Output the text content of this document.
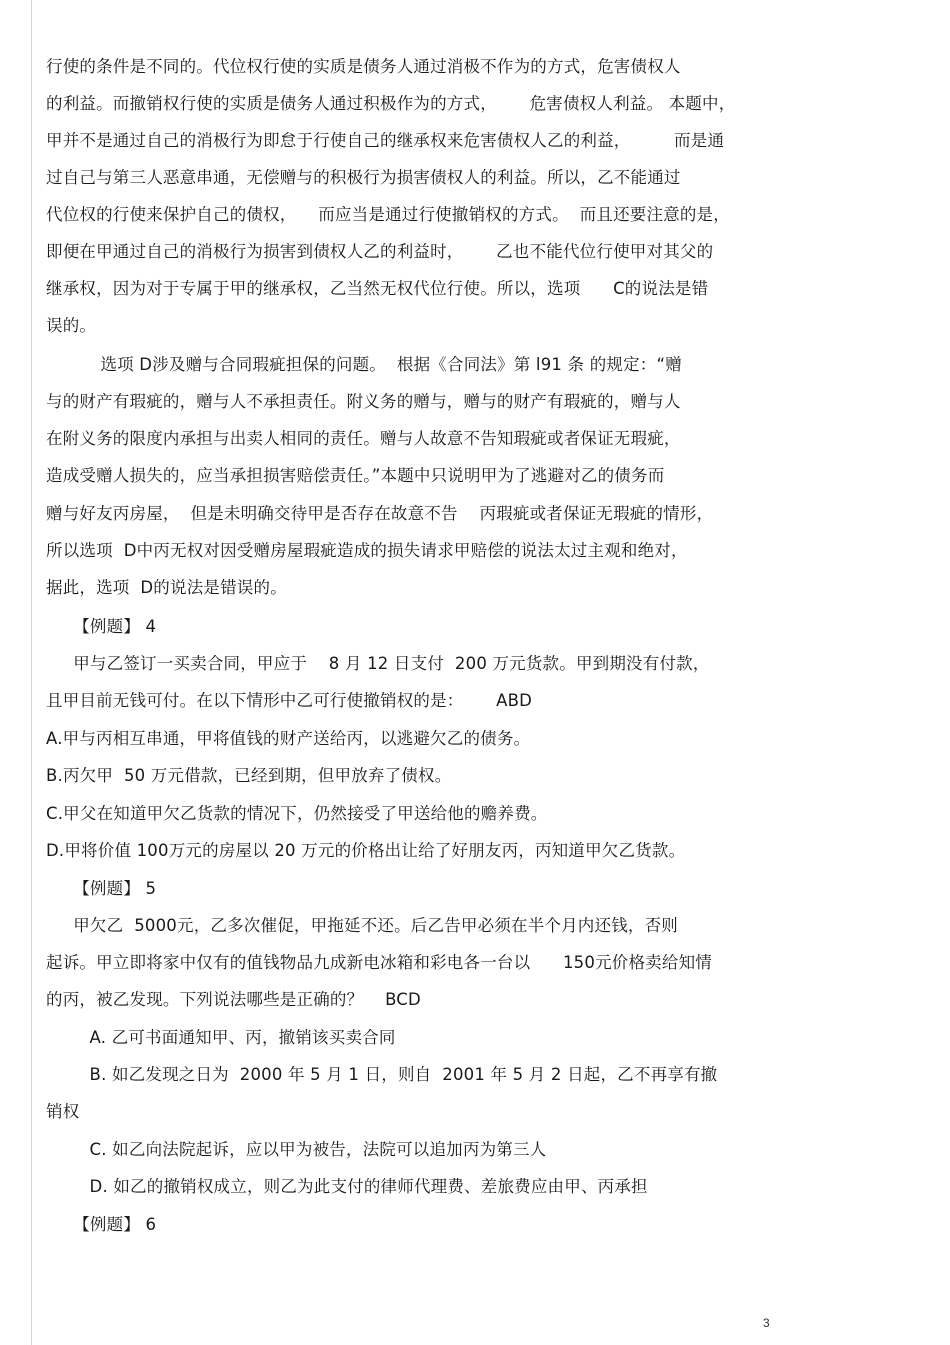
行使的条件是不同的。代位权行使的实质是债务人通过消极不作为的方式，危害债权人
的利益。而撤销权行使的实质是债务人通过积极作为的方式，      危害债权人利益。 本题中，
甲并不是通过自己的消极行为即怠于行使自己的继承权来危害债权人乙的利益，        而是通
过自己与第三人恶意串通，无偿赠与的积极行为损害债权人的利益。所以，乙不能通过
代位权的行使来保护自己的债权，    而应当是通过行使撤销权的方式。  而且还要注意的是，
即便在甲通过自己的消极行为损害到债权人乙的利益时，      乙也不能代位行使甲对其父的
继承权，因为对于专属于甲的继承权，乙当然无权代位行使。所以，选项      C的说法是错
误的。
选项 D涉及赠与合同瑕疵担保的问题。  根据《合同法》第 l91 条 的规定：“赠
与的财产有瑕疵的，赠与人不承担责任。附义务的赠与，赠与的财产有瑕疵的，赠与人
在附义务的限度内承担与出卖人相同的责任。赠与人故意不告知瑕疵或者保证无瑕疵，
造成受赠人损失的，应当承担损害赔偿责任。”本题中只说明甲为了逃避对乙的债务而
赠与好友丙房屋，  但是未明确交待甲是否存在故意不告    丙瑕疵或者保证无瑕疵的情形，
所以选项  D中丙无权对因受赠房屋瑕疵造成的损失请求甲赔偿的说法太过主观和绝对，
据此，选项  D的说法是错误的。
【例题】 4
甲与乙签订一买卖合同，甲应于    8 月 12 日支付  200 万元货款。甲到期没有付款，
且甲目前无钱可付。在以下情形中乙可行使撤销权的是：      ABD
A.甲与丙相互串通，甲将值钱的财产送给丙，以逃避欠乙的债务。
B.丙欠甲  50 万元借款，已经到期，但甲放弃了债权。
C.甲父在知道甲欠乙货款的情况下，仍然接受了甲送给他的赡养费。
D.甲将价值 100万元的房屋以 20 万元的价格出让给了好朋友丙，丙知道甲欠乙货款。
【例题】 5
甲欠乙  5000元，乙多次催促，甲拖延不还。后乙告甲必须在半个月内还钱，否则
起诉。甲立即将家中仅有的值钱物品九成新电冰箱和彩电各一台以      150元价格卖给知情
的丙，被乙发现。下列说法哪些是正确的？    BCD
A. 乙可书面通知甲、丙，撤销该买卖合同
B. 如乙发现之日为  2000 年 5 月 1 日，则自  2001 年 5 月 2 日起，乙不再享有撤
销权
C. 如乙向法院起诉，应以甲为被告，法院可以追加丙为第三人
D. 如乙的撤销权成立，则乙为此支付的律师代理费、差旅费应由甲、丙承担
【例题】 6
3
